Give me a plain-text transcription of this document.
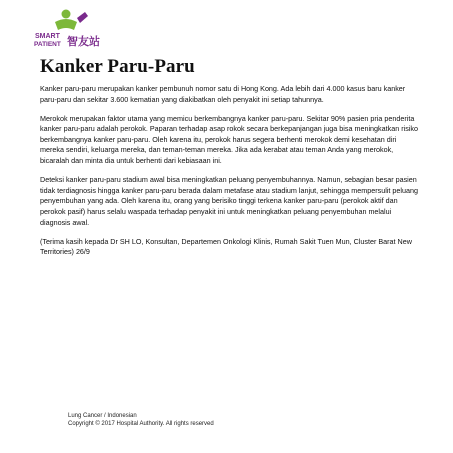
SMART
PATIENT 智友站
Kanker Paru-Paru

Kanker paru-paru merupakan kanker pembunuh nomor satu di Hong Kong. Ada lebih dari 4.000 kasus baru kanker paru-paru dan sekitar 3.600 kematian yang diakibatkan oleh penyakit ini setiap tahunnya.

Merokok merupakan faktor utama yang memicu berkembangnya kanker paru-paru. Sekitar 90% pasien pria penderita kanker paru-paru adalah perokok. Paparan terhadap asap rokok secara berkepanjangan juga bisa meningkatkan risiko berkembangnya kanker paru-paru. Oleh karena itu, perokok harus segera berhenti merokok demi kesehatan diri mereka sendiri, keluarga mereka, dan teman-teman mereka. Jika ada kerabat atau teman Anda yang merokok, bicaralah dan minta dia untuk berhenti dari kebiasaan ini.

Deteksi kanker paru-paru stadium awal bisa meningkatkan peluang penyembuhannya. Namun, sebagian besar pasien tidak terdiagnosis hingga kanker paru-paru berada dalam metafase atau stadium lanjut, sehingga mempersulit peluang penyembuhan yang ada. Oleh karena itu, orang yang berisiko tinggi terkena kanker paru-paru (perokok aktif dan perokok pasif) harus selalu waspada terhadap penyakit ini untuk meningkatkan peluang penyembuhan melalui diagnosis awal.

(Terima kasih kepada Dr SH LO, Konsultan, Departemen Onkologi Klinis, Rumah Sakit Tuen Mun, Cluster Barat New Territories) 26/9

Lung Cancer / Indonesian
Copyright © 2017 Hospital Authority. All rights reserved
